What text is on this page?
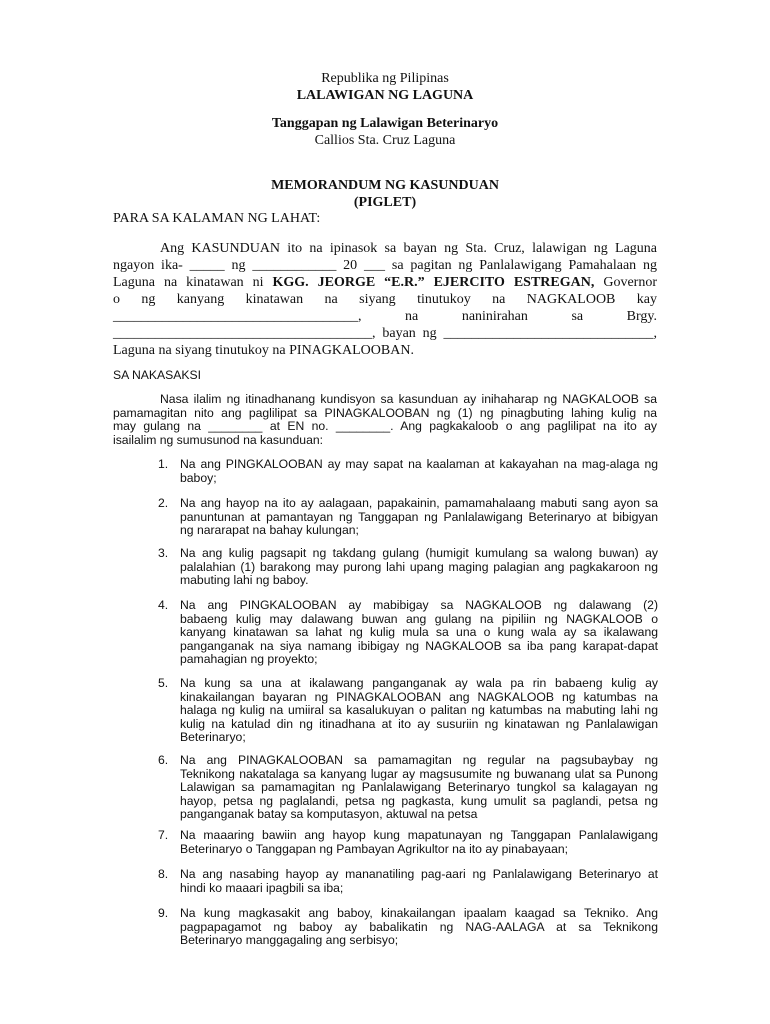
Republika ng Pilipinas
LALAWIGAN NG LAGUNA
Tanggapan ng Lalawigan Beterinaryo
Callios Sta. Cruz Laguna
MEMORANDUM NG KASUNDUAN
(PIGLET)
PARA SA KALAMAN NG LAHAT:
Ang KASUNDUAN ito na ipinasok sa bayan ng Sta. Cruz, lalawigan ng Laguna
ngayon ika- _____ ng ____________ 20 ___ sa pagitan ng Panlalawigang Pamahalaan ng
Laguna na kinatawan ni KGG. JEORGE “E.R.” EJERCITO ESTREGAN, Governor
o ng kanyang kinatawan na siyang tinutukoy na NAGKALOOB kay
___________________________________, na naninirahan sa Brgy.
_____________________________________, bayan ng ______________________________,
Laguna na siyang tinutukoy na PINAGKALOOBAN.
SA NAKASAKSI
Nasa ilalim ng itinadhanang kundisyon sa kasunduan ay inihaharap ng NAGKALOOB sa
pamamagitan nito ang paglilipat sa PINAGKALOOBAN ng (1) ng pinagbuting lahing kulig na
may gulang na ________ at EN no. ________. Ang pagkakaloob o ang paglilipat na ito ay
isailalim ng sumusunod na kasunduan:
1. Na ang PINGKALOOBAN ay may sapat na kaalaman at kakayahan na mag-alaga ng
baboy;
2. Na ang hayop na ito ay aalagaan, papakainin, pamamahalaang mabuti sang ayon sa
panuntunan at pamantayan ng Tanggapan ng Panlalawigang Beterinaryo at bibigyan
ng nararapat na bahay kulungan;
3. Na ang kulig pagsapit ng takdang gulang (humigit kumulang sa walong buwan) ay
palalahian (1) barakong may purong lahi upang maging palagian ang pagkakaroon ng
mabuting lahi ng baboy.
4. Na ang PINGKALOOBAN ay mabibigay sa NAGKALOOB ng dalawang (2)
babaeng kulig may dalawang buwan ang gulang na pipiliin ng NAGKALOOB o
kanyang kinatawan sa lahat ng kulig mula sa una o kung wala ay sa ikalawang
panganganak na siya namang ibibigay ng NAGKALOOB sa iba pang karapat-dapat
pamahagian ng proyekto;
5. Na kung sa una at ikalawang panganganak ay wala pa rin babaeng kulig ay
kinakailangan bayaran ng PINAGKALOOBAN ang NAGKALOOB ng katumbas na
halaga ng kulig na umiiral sa kasalukuyan o palitan ng katumbas na mabuting lahi ng
kulig na katulad din ng itinadhana at ito ay susuriin ng kinatawan ng Panlalawigan
Beterinaryo;
6. Na ang PINAGKALOOBAN sa pamamagitan ng regular na pagsubaybay ng
Teknikong nakatalaga sa kanyang lugar ay magsusumite ng buwanang ulat sa Punong
Lalawigan sa pamamagitan ng Panlalawigang Beterinaryo tungkol sa kalagayan ng
hayop, petsa ng paglalandi, petsa ng pagkasta, kung umulit sa paglandi, petsa ng
panganganak batay sa komputasyon, aktuwal na petsa
7. Na maaaring bawiin ang hayop kung mapatunayan ng Tanggapan Panlalawigang
Beterinaryo o Tanggapan ng Pambayan Agrikultor na ito ay pinabayaan;
8. Na ang nasabing hayop ay mananatiling pag-aari ng Panlalawigang Beterinaryo at
hindi ko maaari ipagbili sa iba;
9. Na kung magkasakit ang baboy, kinakailangan ipaalam kaagad sa Tekniko. Ang
pagpapagamot ng baboy ay babalikatin ng NAG-AALAGA at sa Teknikong
Beterinaryo manggagaling ang serbisyo;
